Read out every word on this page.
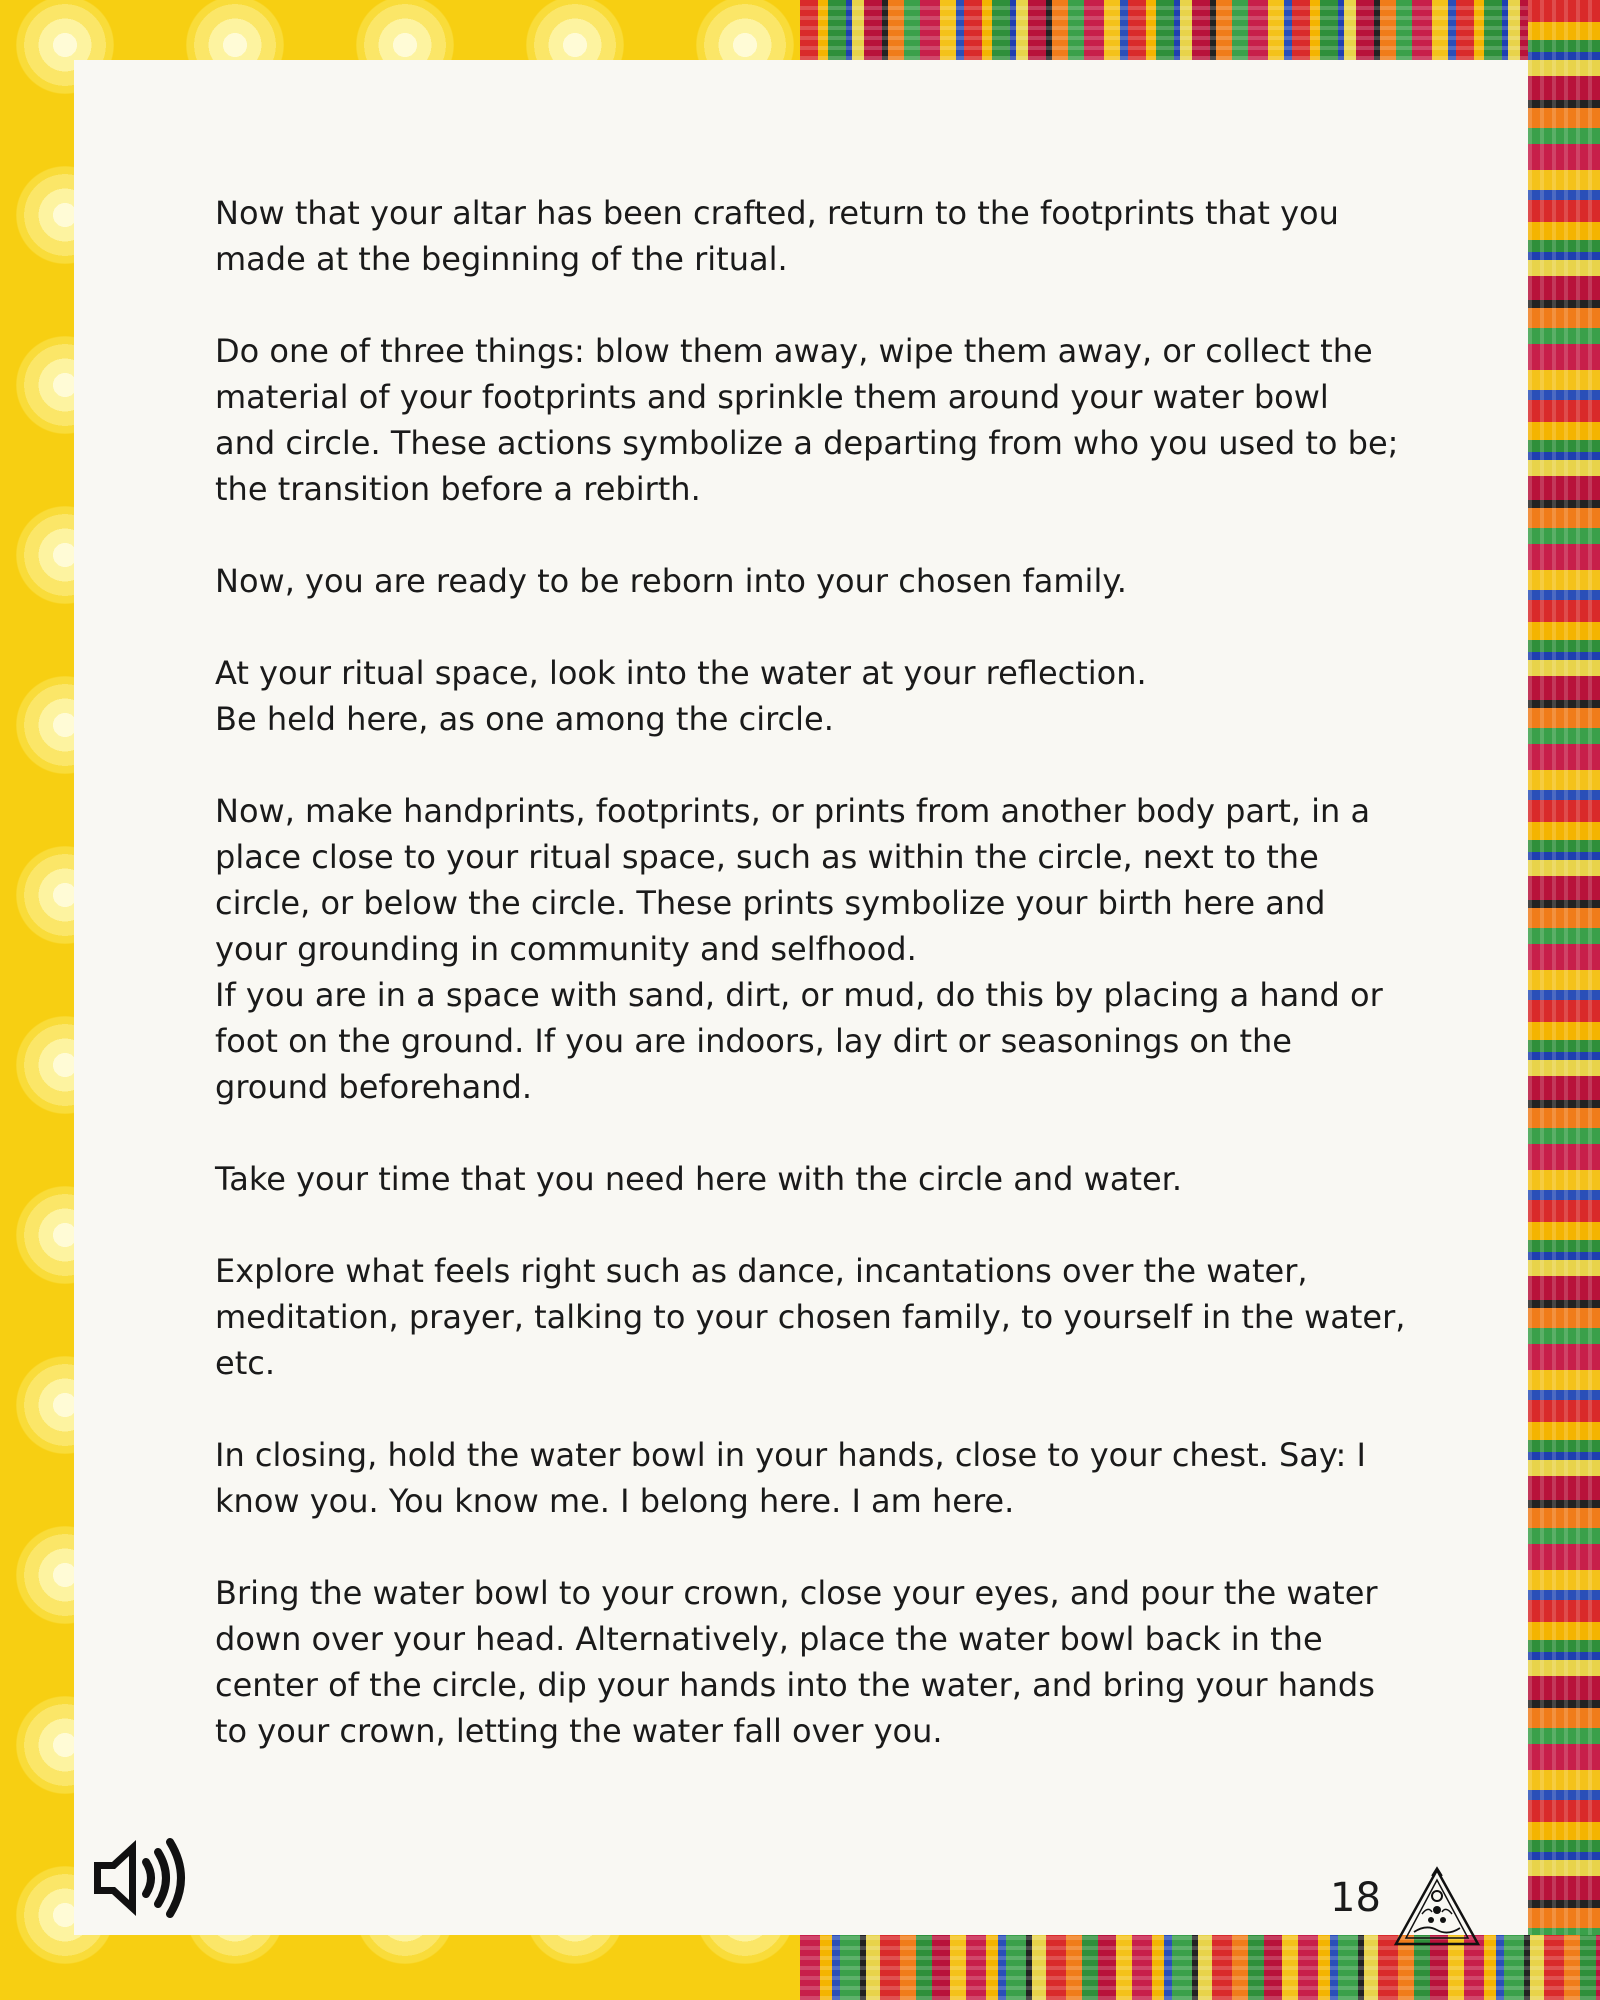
Now that your altar has been crafted, return to the footprints that you
made at the beginning of the ritual.

Do one of three things: blow them away, wipe them away, or collect the
material of your footprints and sprinkle them around your water bowl
and circle. These actions symbolize a departing from who you used to be;
the transition before a rebirth.

Now, you are ready to be reborn into your chosen family.

At your ritual space, look into the water at your reflection.
Be held here, as one among the circle.

Now, make handprints, footprints, or prints from another body part, in a
place close to your ritual space, such as within the circle, next to the
circle, or below the circle. These prints symbolize your birth here and
your grounding in community and selfhood.
If you are in a space with sand, dirt, or mud, do this by placing a hand or
foot on the ground. If you are indoors, lay dirt or seasonings on the
ground beforehand.

Take your time that you need here with the circle and water.

Explore what feels right such as dance, incantations over the water,
meditation, prayer, talking to your chosen family, to yourself in the water,
etc.

In closing, hold the water bowl in your hands, close to your chest. Say: I
know you. You know me. I belong here. I am here.

Bring the water bowl to your crown, close your eyes, and pour the water
down over your head. Alternatively, place the water bowl back in the
center of the circle, dip your hands into the water, and bring your hands
to your crown, letting the water fall over you.

18
